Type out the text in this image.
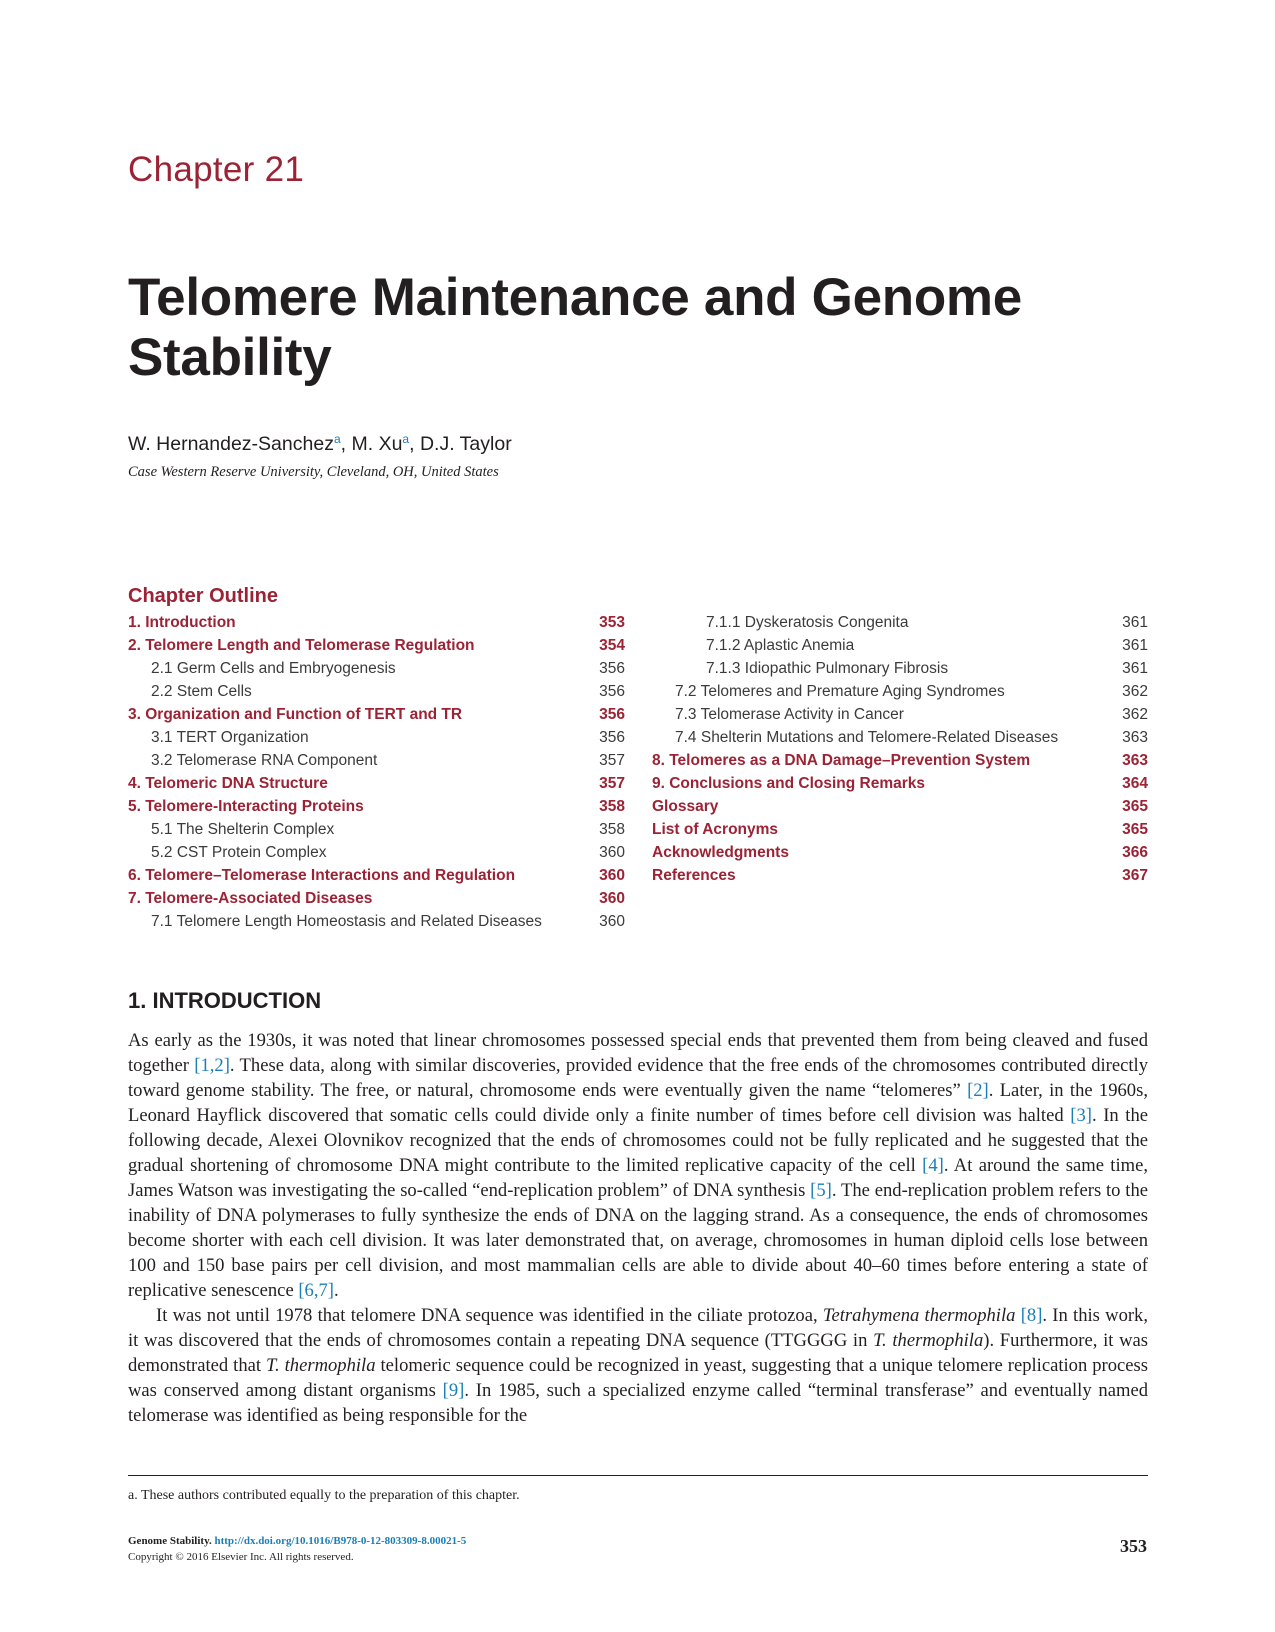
Chapter 21
Telomere Maintenance and Genome Stability
W. Hernandez-Sanchez$^a$, M. Xu$^a$, D.J. Taylor
Case Western Reserve University, Cleveland, OH, United States
Chapter Outline
1. Introduction	353
2. Telomere Length and Telomerase Regulation	354
2.1 Germ Cells and Embryogenesis	356
2.2 Stem Cells	356
3. Organization and Function of TERT and TR	356
3.1 TERT Organization	356
3.2 Telomerase RNA Component	357
4. Telomeric DNA Structure	357
5. Telomere-Interacting Proteins	358
5.1 The Shelterin Complex	358
5.2 CST Protein Complex	360
6. Telomere–Telomerase Interactions and Regulation	360
7. Telomere-Associated Diseases	360
7.1 Telomere Length Homeostasis and Related Diseases	360
7.1.1 Dyskeratosis Congenita	361
7.1.2 Aplastic Anemia	361
7.1.3 Idiopathic Pulmonary Fibrosis	361
7.2 Telomeres and Premature Aging Syndromes	362
7.3 Telomerase Activity in Cancer	362
7.4 Shelterin Mutations and Telomere-Related Diseases	363
8. Telomeres as a DNA Damage–Prevention System	363
9. Conclusions and Closing Remarks	364
Glossary	365
List of Acronyms	365
Acknowledgments	366
References	367
1. INTRODUCTION

As early as the 1930s, it was noted that linear chromosomes possessed special ends that prevented them from being cleaved and fused together [1,2]. These data, along with similar discoveries, provided evidence that the free ends of the chromosomes contributed directly toward genome stability. The free, or natural, chromosome ends were eventually given the name “telomeres” [2]. Later, in the 1960s, Leonard Hayflick discovered that somatic cells could divide only a finite number of times before cell division was halted [3]. In the following decade, Alexei Olovnikov recognized that the ends of chromosomes could not be fully replicated and he suggested that the gradual shortening of chromosome DNA might contribute to the limited replicative capacity of the cell [4]. At around the same time, James Watson was investigating the so-called “end-replication problem” of DNA synthesis [5]. The end-replication problem refers to the inability of DNA polymerases to fully synthesize the ends of DNA on the lagging strand. As a consequence, the ends of chromosomes become shorter with each cell division. It was later demonstrated that, on average, chromosomes in human diploid cells lose between 100 and 150 base pairs per cell division, and most mammalian cells are able to divide about 40–60 times before entering a state of replicative senescence [6,7].

It was not until 1978 that telomere DNA sequence was identified in the ciliate protozoa, Tetrahymena thermophila [8]. In this work, it was discovered that the ends of chromosomes contain a repeating DNA sequence (TTGGGG in T. thermophila). Furthermore, it was demonstrated that T. thermophila telomeric sequence could be recognized in yeast, suggesting that a unique telomere replication process was conserved among distant organisms [9]. In 1985, such a specialized enzyme called “terminal transferase” and eventually named telomerase was identified as being responsible for the

a. These authors contributed equally to the preparation of this chapter.
Genome Stability. http://dx.doi.org/10.1016/B978-0-12-803309-8.00021-5
Copyright © 2016 Elsevier Inc. All rights reserved.
353
